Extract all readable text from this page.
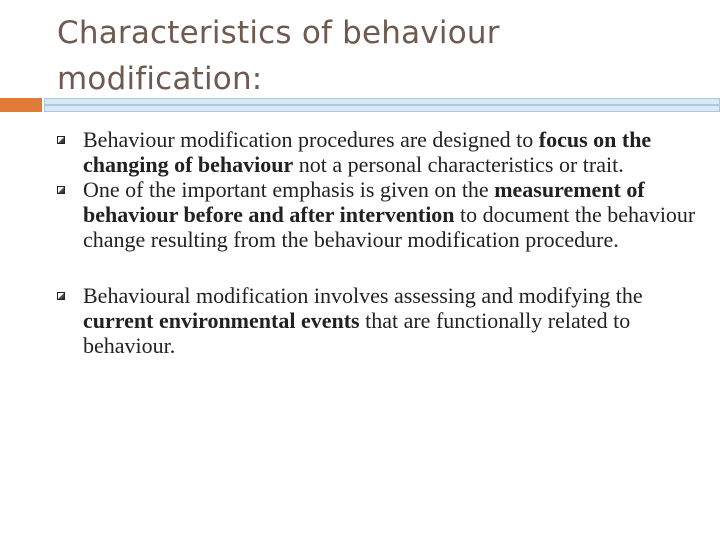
Characteristics of behaviour
modification:

Behaviour modification procedures are designed to focus on the changing of behaviour not a personal characteristics or trait.

One of the important emphasis is given on the measurement of behaviour before and after intervention to document the behaviour change resulting from the behaviour modification procedure.

Behavioural modification involves assessing and modifying the current environmental events that are functionally related to behaviour.
